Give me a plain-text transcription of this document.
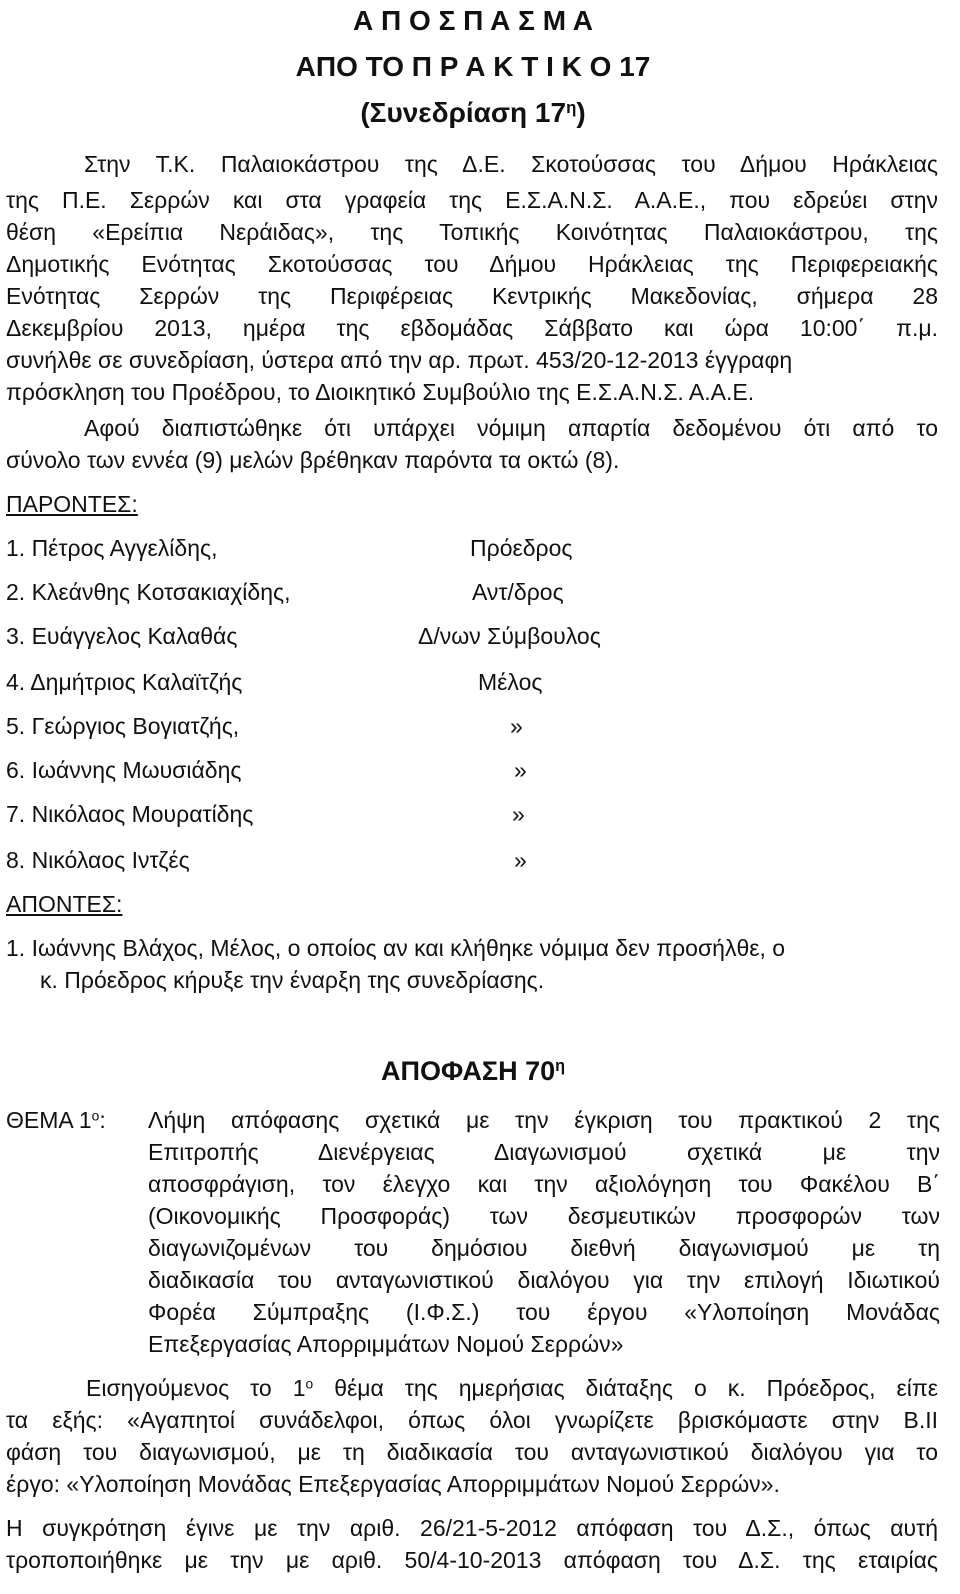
Α Π Ο Σ Π Α Σ Μ Α
ΑΠΟ ΤΟ Π Ρ Α Κ Τ Ι Κ Ο 17
(Συνεδρίαση $17^\eta$)
Στην Τ.Κ. Παλαιοκάστρου της Δ.Ε. Σκοτούσσας του Δήμου Ηράκλειας
της Π.Ε. Σερρών και στα γραφεία της Ε.Σ.Α.Ν.Σ. Α.Α.Ε., που εδρεύει στην
θέση «Ερείπια Νεράιδας», της Τοπικής Κοινότητας Παλαιοκάστρου, της
Δημοτικής Ενότητας Σκοτούσσας του Δήμου Ηράκλειας της Περιφερειακής
Ενότητας Σερρών της Περιφέρειας Κεντρικής Μακεδονίας, σήμερα 28
Δεκεμβρίου 2013, ημέρα της εβδομάδας Σάββατο και ώρα 10:00΄ π.μ.
συνήλθε σε συνεδρίαση, ύστερα από την αρ. πρωτ. 453/20-12-2013 έγγραφη
πρόσκληση του Προέδρου, το Διοικητικό Συμβούλιο της Ε.Σ.Α.Ν.Σ. Α.Α.Ε.
Αφού διαπιστώθηκε ότι υπάρχει νόμιμη απαρτία δεδομένου ότι από το
σύνολο των εννέα (9) μελών βρέθηκαν παρόντα τα οκτώ (8).
ΠΑΡΟΝΤΕΣ:
1. Πέτρος Αγγελίδης,	Πρόεδρος
2. Κλεάνθης Κοτσακιαχίδης,	Αντ/δρος
3. Ευάγγελος Καλαθάς	Δ/νων Σύμβουλος
4. Δημήτριος Καλαϊτζής	Μέλος
5. Γεώργιος Βογιατζής,	»
6. Ιωάννης Μωυσιάδης	»
7. Νικόλαος Μουρατίδης	»
8. Νικόλαος Ιντζές	»
ΑΠΟΝΤΕΣ:
1. Ιωάννης Βλάχος, Μέλος, ο οποίος αν και κλήθηκε νόμιμα δεν προσήλθε, ο
κ. Πρόεδρος κήρυξε την έναρξη της συνεδρίασης.
ΑΠΟΦΑΣΗ $70^\eta$
ΘΕΜΑ $1^o$: Λήψη απόφασης σχετικά με την έγκριση του πρακτικού 2 της
Επιτροπής Διενέργειας Διαγωνισμού σχετικά με την
αποσφράγιση, τον έλεγχο και την αξιολόγηση του Φακέλου Β΄
(Οικονομικής Προσφοράς) των δεσμευτικών προσφορών των
διαγωνιζομένων του δημόσιου διεθνή διαγωνισμού με τη
διαδικασία του ανταγωνιστικού διαλόγου για την επιλογή Ιδιωτικού
Φορέα Σύμπραξης (Ι.Φ.Σ.) του έργου «Υλοποίηση Μονάδας
Επεξεργασίας Απορριμμάτων Νομού Σερρών»
Εισηγούμενος το $1^o$ θέμα της ημερήσιας διάταξης ο κ. Πρόεδρος, είπε
τα εξής: «Αγαπητοί συνάδελφοι, όπως όλοι γνωρίζετε βρισκόμαστε στην Β.ΙΙ
φάση του διαγωνισμού, με τη διαδικασία του ανταγωνιστικού διαλόγου για το
έργο: «Υλοποίηση Μονάδας Επεξεργασίας Απορριμμάτων Νομού Σερρών».
Η συγκρότηση έγινε με την αριθ. 26/21-5-2012 απόφαση του Δ.Σ., όπως αυτή
τροποποιήθηκε με την με αριθ. 50/4-10-2013 απόφαση του Δ.Σ. της εταιρίας
